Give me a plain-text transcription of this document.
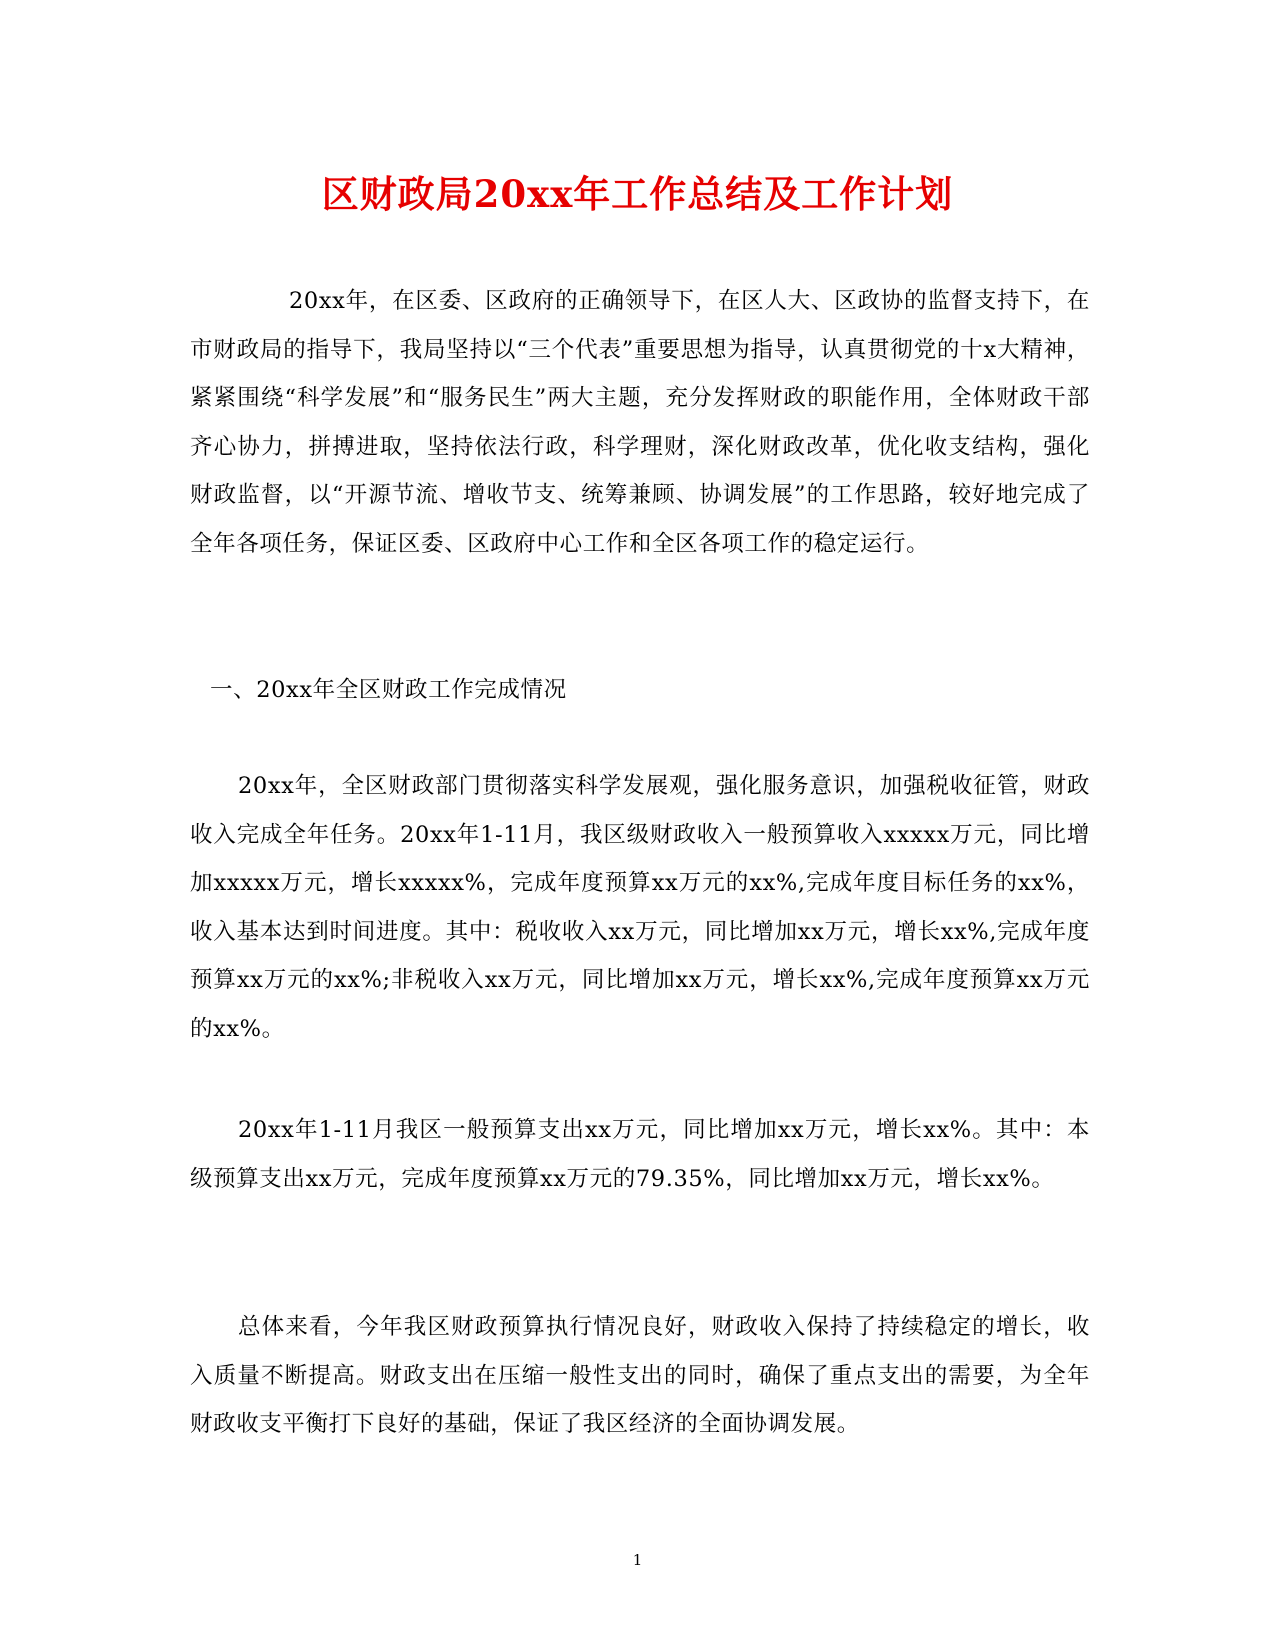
区财政局20xx年工作总结及工作计划

20xx年，在区委、区政府的正确领导下，在区人大、区政协的监督支持下，在市财政局的指导下，我局坚持以“三个代表”重要思想为指导，认真贯彻党的十x大精神，紧紧围绕“科学发展”和“服务民生”两大主题，充分发挥财政的职能作用，全体财政干部齐心协力，拼搏进取，坚持依法行政，科学理财，深化财政改革，优化收支结构，强化财政监督，以“开源节流、增收节支、统筹兼顾、协调发展”的工作思路，较好地完成了全年各项任务，保证区委、区政府中心工作和全区各项工作的稳定运行。

一、20xx年全区财政工作完成情况

20xx年，全区财政部门贯彻落实科学发展观，强化服务意识，加强税收征管，财政收入完成全年任务。20xx年1-11月，我区级财政收入一般预算收入xxxxx万元，同比增加xxxxx万元，增长xxxxx%，完成年度预算xx万元的xx%,完成年度目标任务的xx%，收入基本达到时间进度。其中：税收收入xx万元，同比增加xx万元，增长xx%,完成年度预算xx万元的xx%;非税收入xx万元，同比增加xx万元，增长xx%,完成年度预算xx万元的xx%。

20xx年1-11月我区一般预算支出xx万元，同比增加xx万元，增长xx%。其中：本级预算支出xx万元，完成年度预算xx万元的79.35%，同比增加xx万元，增长xx%。

总体来看，今年我区财政预算执行情况良好，财政收入保持了持续稳定的增长，收入质量不断提高。财政支出在压缩一般性支出的同时，确保了重点支出的需要，为全年财政收支平衡打下良好的基础，保证了我区经济的全面协调发展。

1
